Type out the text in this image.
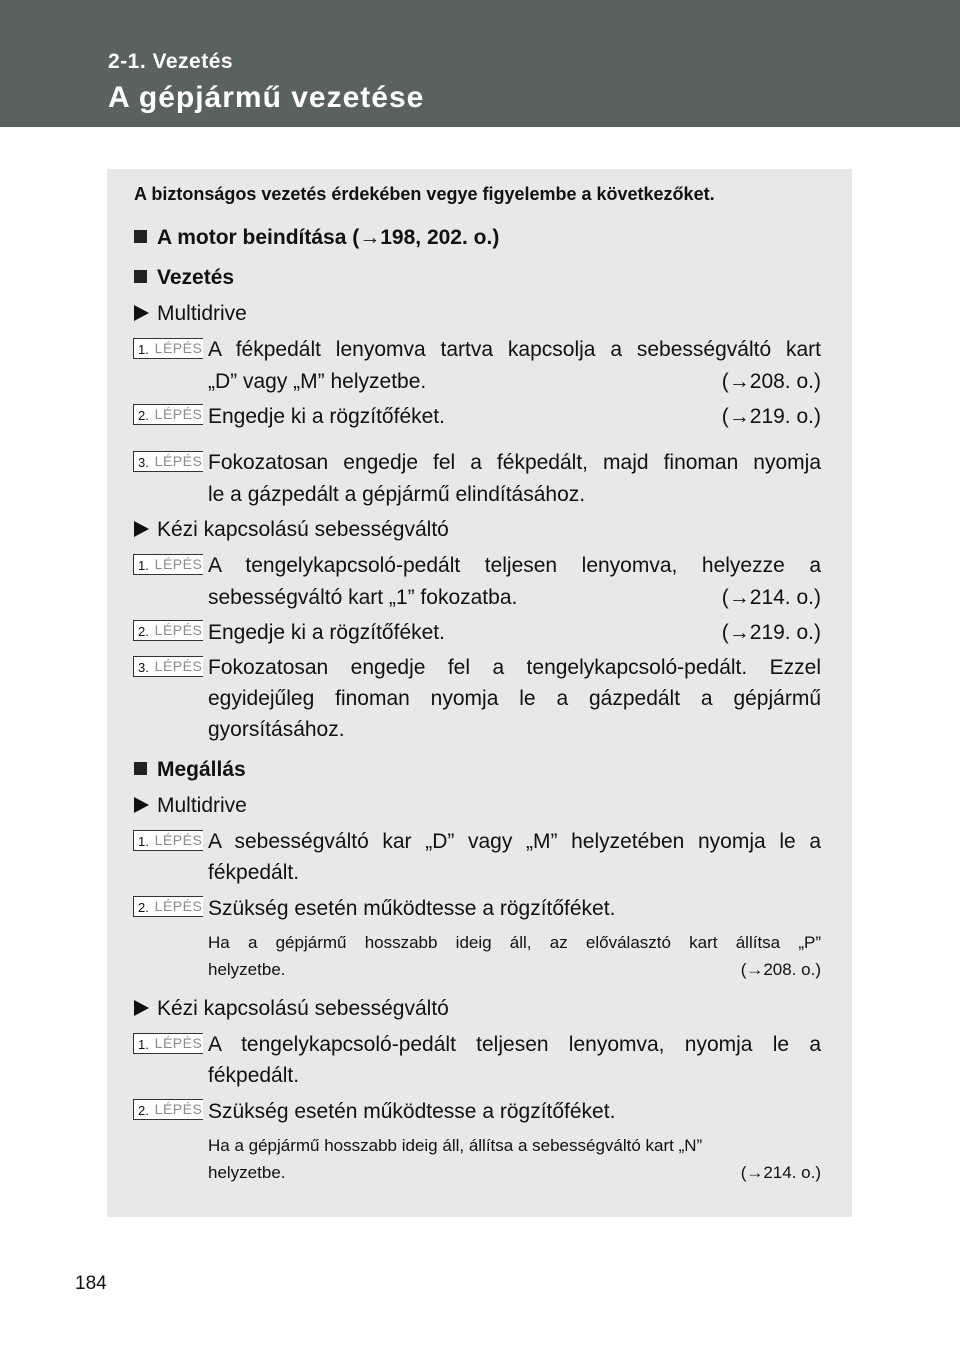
2-1. Vezetés
A gépjármű vezetése
A biztonságos vezetés érdekében vegye figyelembe a következőket.
A motor beindítása (→198, 202. o.)
Vezetés
Multidrive
1. LÉPÉS A fékpedált lenyomva tartva kapcsolja a sebességváltó kart
„D” vagy „M” helyzetbe.	(→208. o.)
2. LÉPÉS Engedje ki a rögzítőféket.	(→219. o.)
3. LÉPÉS Fokozatosan engedje fel a fékpedált, majd finoman nyomja
le a gázpedált a gépjármű elindításához.
Kézi kapcsolású sebességváltó
1. LÉPÉS A tengelykapcsoló-pedált teljesen lenyomva, helyezze a
sebességváltó kart „1” fokozatba.	(→214. o.)
2. LÉPÉS Engedje ki a rögzítőféket.	(→219. o.)
3. LÉPÉS Fokozatosan engedje fel a tengelykapcsoló-pedált. Ezzel
egyidejűleg finoman nyomja le a gázpedált a gépjármű
gyorsításához.
Megállás
Multidrive
1. LÉPÉS A sebességváltó kar „D” vagy „M” helyzetében nyomja le a
fékpedált.
2. LÉPÉS Szükség esetén működtesse a rögzítőféket.
Ha a gépjármű hosszabb ideig áll, az előválasztó kart állítsa „P”
helyzetbe.	(→208. o.)
Kézi kapcsolású sebességváltó
1. LÉPÉS A tengelykapcsoló-pedált teljesen lenyomva, nyomja le a
fékpedált.
2. LÉPÉS Szükség esetén működtesse a rögzítőféket.
Ha a gépjármű hosszabb ideig áll, állítsa a sebességváltó kart „N”
helyzetbe.	(→214. o.)
184
